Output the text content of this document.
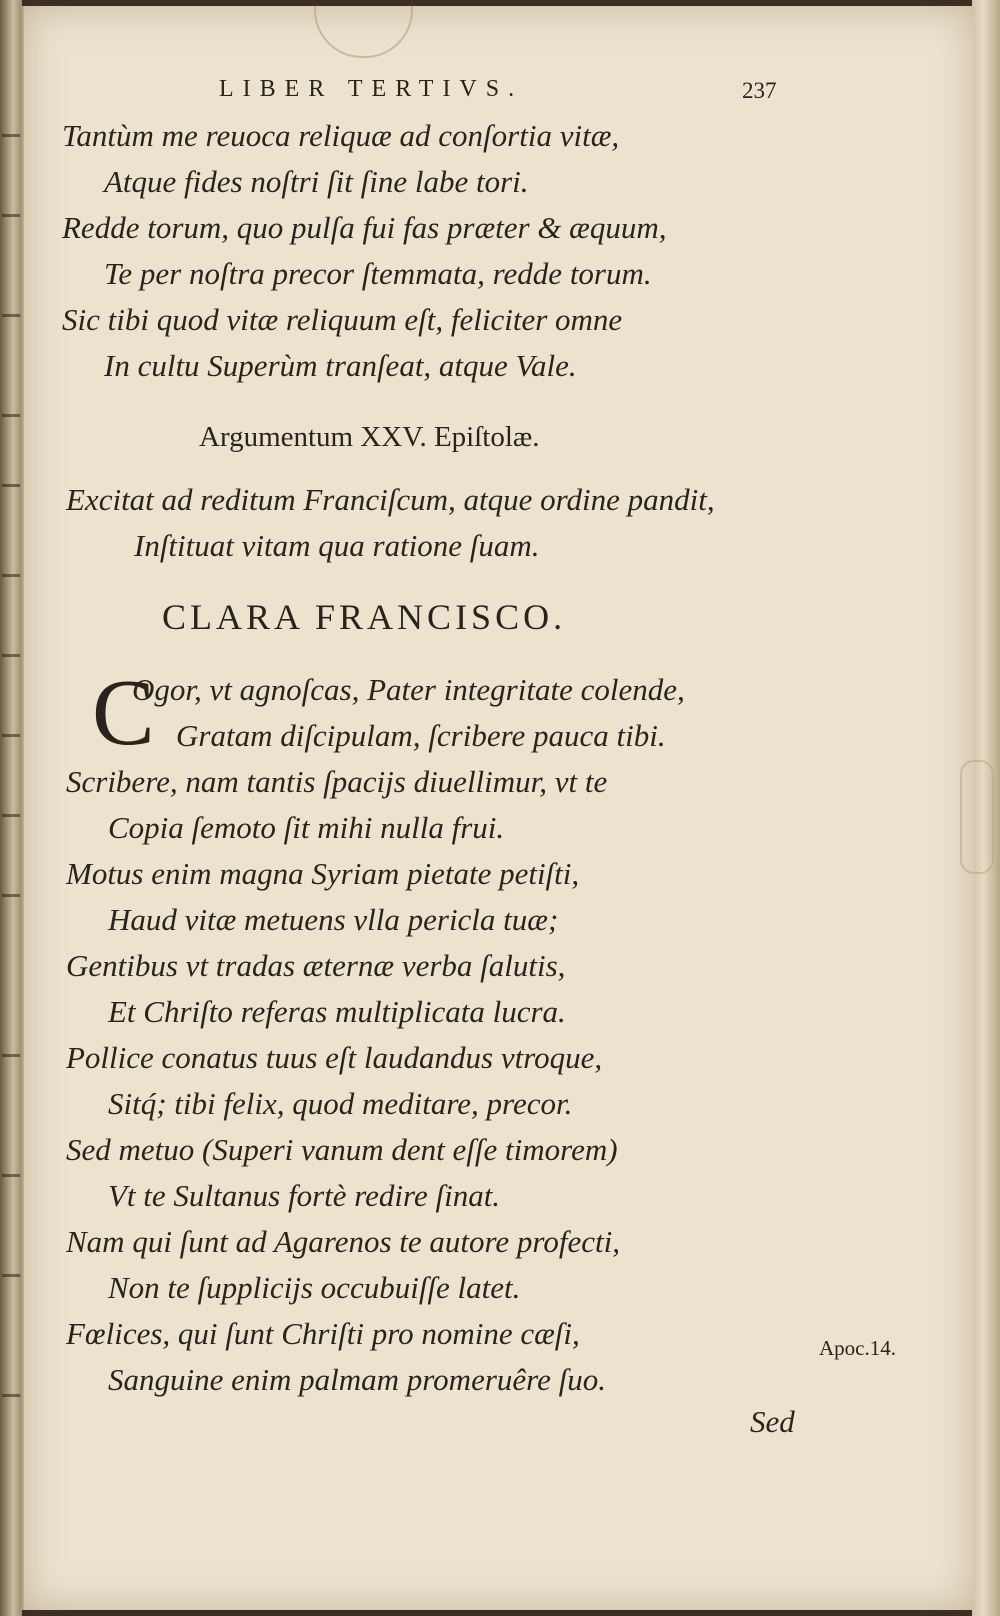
LIBER TERTIVS.	237

Tantùm me reuoca reliquæ ad conſortia vitæ,

Atque fides noſtri ſit ſine labe tori.

Redde torum, quo pulſa fui fas præter & æquum,

Te per noſtra precor ſtemmata, redde torum.

Sic tibi quod vitæ reliquum eſt, feliciter omne

In cultu Superùm tranſeat, atque Vale.

Argumentum XXV. Epiſtolæ.

Excitat ad reditum Franciſcum, atque ordine pandit,

Inſtituat vitam qua ratione ſuam.

CLARA FRANCISCO.
C

Ogor, vt agnoſcas, Pater integritate colende,

Gratam diſcipulam, ſcribere pauca tibi.

Scribere, nam tantis ſpacijs diuellimur, vt te

Copia ſemoto ſit mihi nulla frui.

Motus enim magna Syriam pietate petiſti,

Haud vitæ metuens vlla pericla tuæ;

Gentibus vt tradas æternæ verba ſalutis,

Et Chriſto referas multiplicata lucra.

Pollice conatus tuus eſt laudandus vtroque,

Sitq́; tibi felix, quod meditare, precor.

Sed metuo (Superi vanum dent eſſe timorem)

Vt te Sultanus fortè redire ſinat.

Nam qui ſunt ad Agarenos te autore profecti,

Non te ſupplicijs occubuiſſe latet.

Fœlices, qui ſunt Chriſti pro nomine cæſi,

Sanguine enim palmam promeruêre ſuo.

Apoc.14.
Sed
